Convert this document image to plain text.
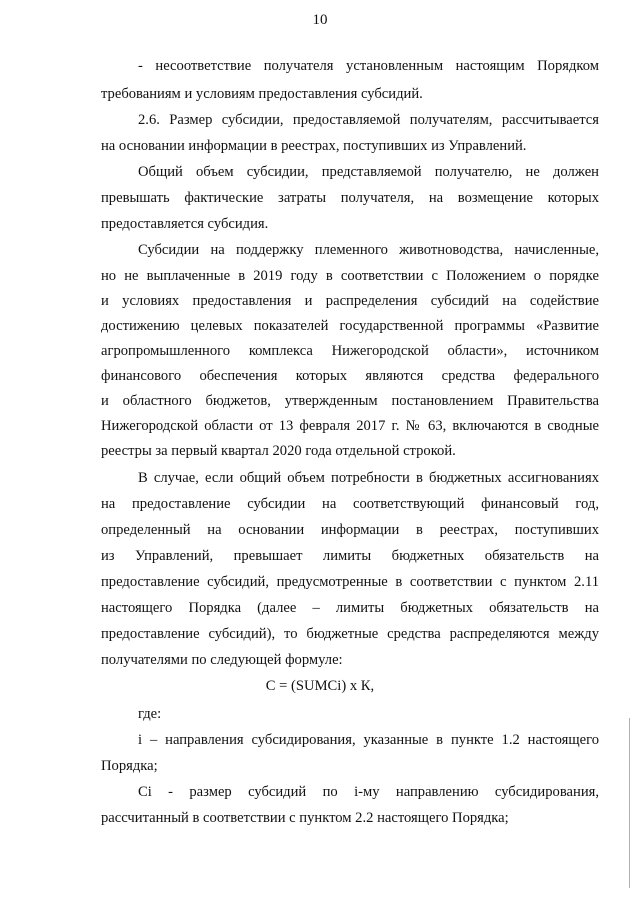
10
- несоответствие получателя установленным настоящим Порядком
требованиям и условиям предоставления субсидий.
2.6. Размер субсидии, предоставляемой получателям, рассчитывается
на основании информации в реестрах, поступивших из Управлений.
Общий объем субсидии, представляемой получателю, не должен
превышать фактические затраты получателя, на возмещение которых
предоставляется субсидия.
Субсидии на поддержку племенного животноводства, начисленные,
но не выплаченные в 2019 году в соответствии с Положением о порядке
и условиях предоставления и распределения субсидий на содействие
достижению целевых показателей государственной программы «Развитие
агропромышленного комплекса Нижегородской области», источником
финансового обеспечения которых являются средства федерального
и областного бюджетов, утвержденным постановлением Правительства
Нижегородской области от 13 февраля 2017 г. № 63, включаются в сводные
реестры за первый квартал 2020 года отдельной строкой.
В случае, если общий объем потребности в бюджетных ассигнованиях
на предоставление субсидии на соответствующий финансовый год,
определенный на основании информации в реестрах, поступивших
из Управлений, превышает лимиты бюджетных обязательств на
предоставление субсидий, предусмотренные в соответствии с пунктом 2.11
настоящего Порядка (далее – лимиты бюджетных обязательств на
предоставление субсидий), то бюджетные средства распределяются между
получателями по следующей формуле:
C = (SUMCi) x К,
где:
i – направления субсидирования, указанные в пункте 1.2 настоящего
Порядка;
Ci - размер субсидий по i-му направлению субсидирования,
рассчитанный в соответствии с пунктом 2.2 настоящего Порядка;
